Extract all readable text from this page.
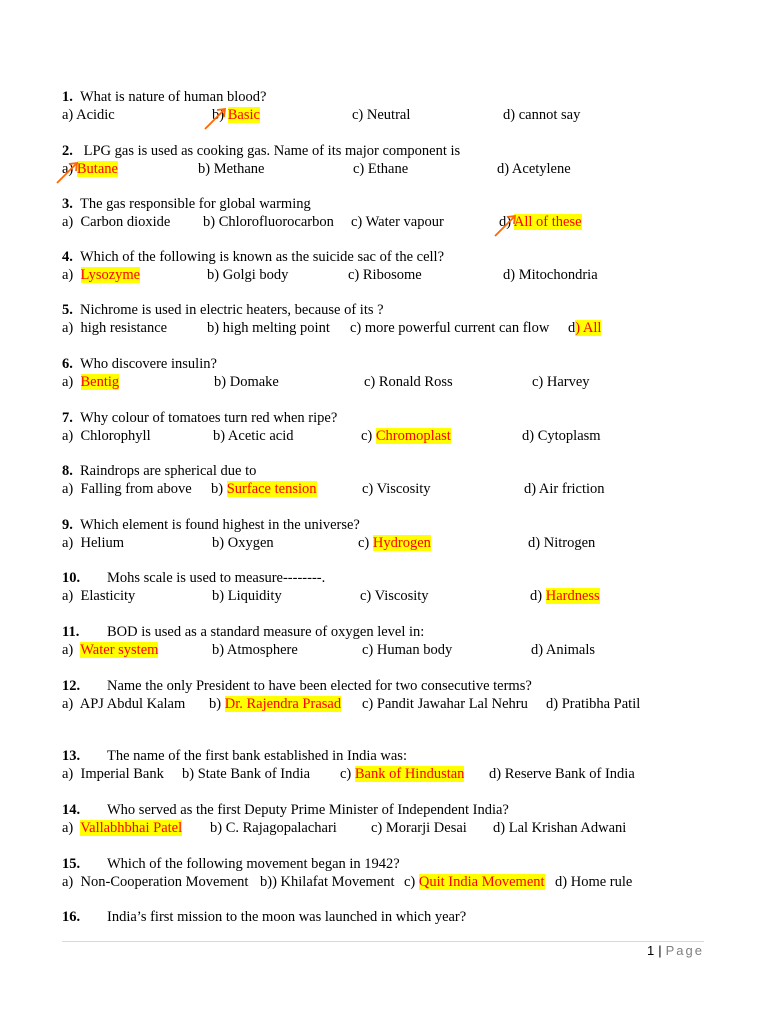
1. What is nature of human blood?
a) Acidic	b) Basic	c) Neutral	d) cannot say
2. LPG gas is used as cooking gas. Name of its major component is
a) Butane	b) Methane	c) Ethane	d) Acetylene
3. The gas responsible for global warming
a)  Carbon dioxide b) Chlorofluorocarbon c) Water vapour	d) All of these
4. Which of the following is known as the suicide sac of the cell?
a)  Lysozyme	b) Golgi body	c) Ribosome	d) Mitochondria
5. Nichrome is used in electric heaters, because of its ?
a)  high resistance	b) high melting point c) more powerful current can flow d) All
6. Who discovere insulin?
a)  Bentig	b) Domake	c) Ronald Ross	c) Harvey
7. Why colour of tomatoes turn red when ripe?
a)  Chlorophyll	b) Acetic acid	c) Chromoplast	d) Cytoplasm
8. Raindrops are spherical due to
a)  Falling from above b) Surface tension	c) Viscosity	d) Air friction
9. Which element is found highest in the universe?
a)  Helium	b) Oxygen	c) Hydrogen	d) Nitrogen
10. Mohs scale is used to measure--------.
a)  Elasticity	b) Liquidity	c) Viscosity	d) Hardness
11. BOD is used as a standard measure of oxygen level in:
a)  Water system	b) Atmosphere	c) Human body	d) Animals
12. Name the only President to have been elected for two consecutive terms?
a)  APJ Abdul Kalam b) Dr. Rajendra Prasad c) Pandit Jawahar Lal Nehru d) Pratibha Patil
13. The name of the first bank established in India was:
a)  Imperial Bank b) State Bank of India c) Bank of Hindustan d) Reserve Bank of India
14. Who served as the first Deputy Prime Minister of Independent India?
a)  Vallabhbhai Patel b) C. Rajagopalachari c) Morarji Desai d) Lal Krishan Adwani
15. Which of the following movement began in 1942?
a)  Non-Cooperation Movement b)) Khilafat Movement c) Quit India Movement d) Home rule
16. India’s first mission to the moon was launched in which year?
1 | Page
